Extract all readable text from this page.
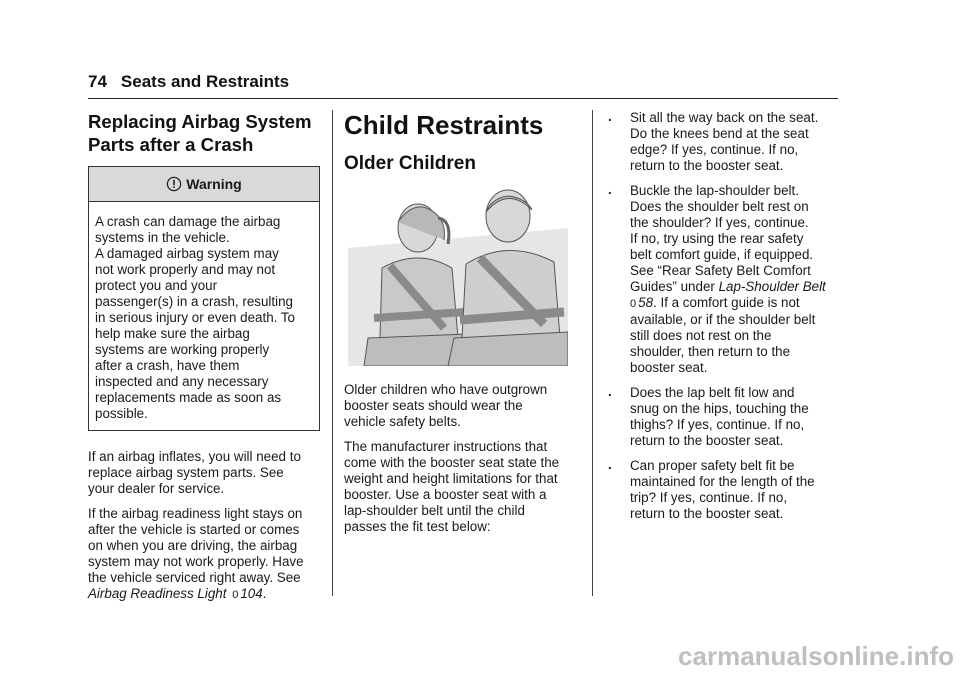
74 Seats and Restraints
Replacing Airbag System
Parts after a Crash
Warning

A crash can damage the airbag

systems in the vehicle.

A damaged airbag system may

not work properly and may not

protect you and your

passenger(s) in a crash, resulting

in serious injury or even death. To

help make sure the airbag

systems are working properly

after a crash, have them

inspected and any necessary

replacements made as soon as

possible.

If an airbag inflates, you will need to
replace airbag system parts. See
your dealer for service.

If the airbag readiness light stays on
after the vehicle is started or comes
on when you are driving, the airbag
system may not work properly. Have
the vehicle serviced right away. See
Airbag Readiness Light 0 104.

Child Restraints
Older Children

Older children who have outgrown
booster seats should wear the
vehicle safety belts.

The manufacturer instructions that
come with the booster seat state the
weight and height limitations for that
booster. Use a booster seat with a
lap-shoulder belt until the child
passes the fit test below:

. Sit all the way back on the seat.
Do the knees bend at the seat
edge? If yes, continue. If no,
return to the booster seat.
. Buckle the lap-shoulder belt.
Does the shoulder belt rest on
the shoulder? If yes, continue.
If no, try using the rear safety
belt comfort guide, if equipped.
See “Rear Safety Belt Comfort
Guides” under Lap-Shoulder Belt
0 58. If a comfort guide is not
available, or if the shoulder belt
still does not rest on the
shoulder, then return to the
booster seat.
. Does the lap belt fit low and
snug on the hips, touching the
thighs? If yes, continue. If no,
return to the booster seat.
. Can proper safety belt fit be
maintained for the length of the
trip? If yes, continue. If no,
return to the booster seat.
carmanualsonline.info
